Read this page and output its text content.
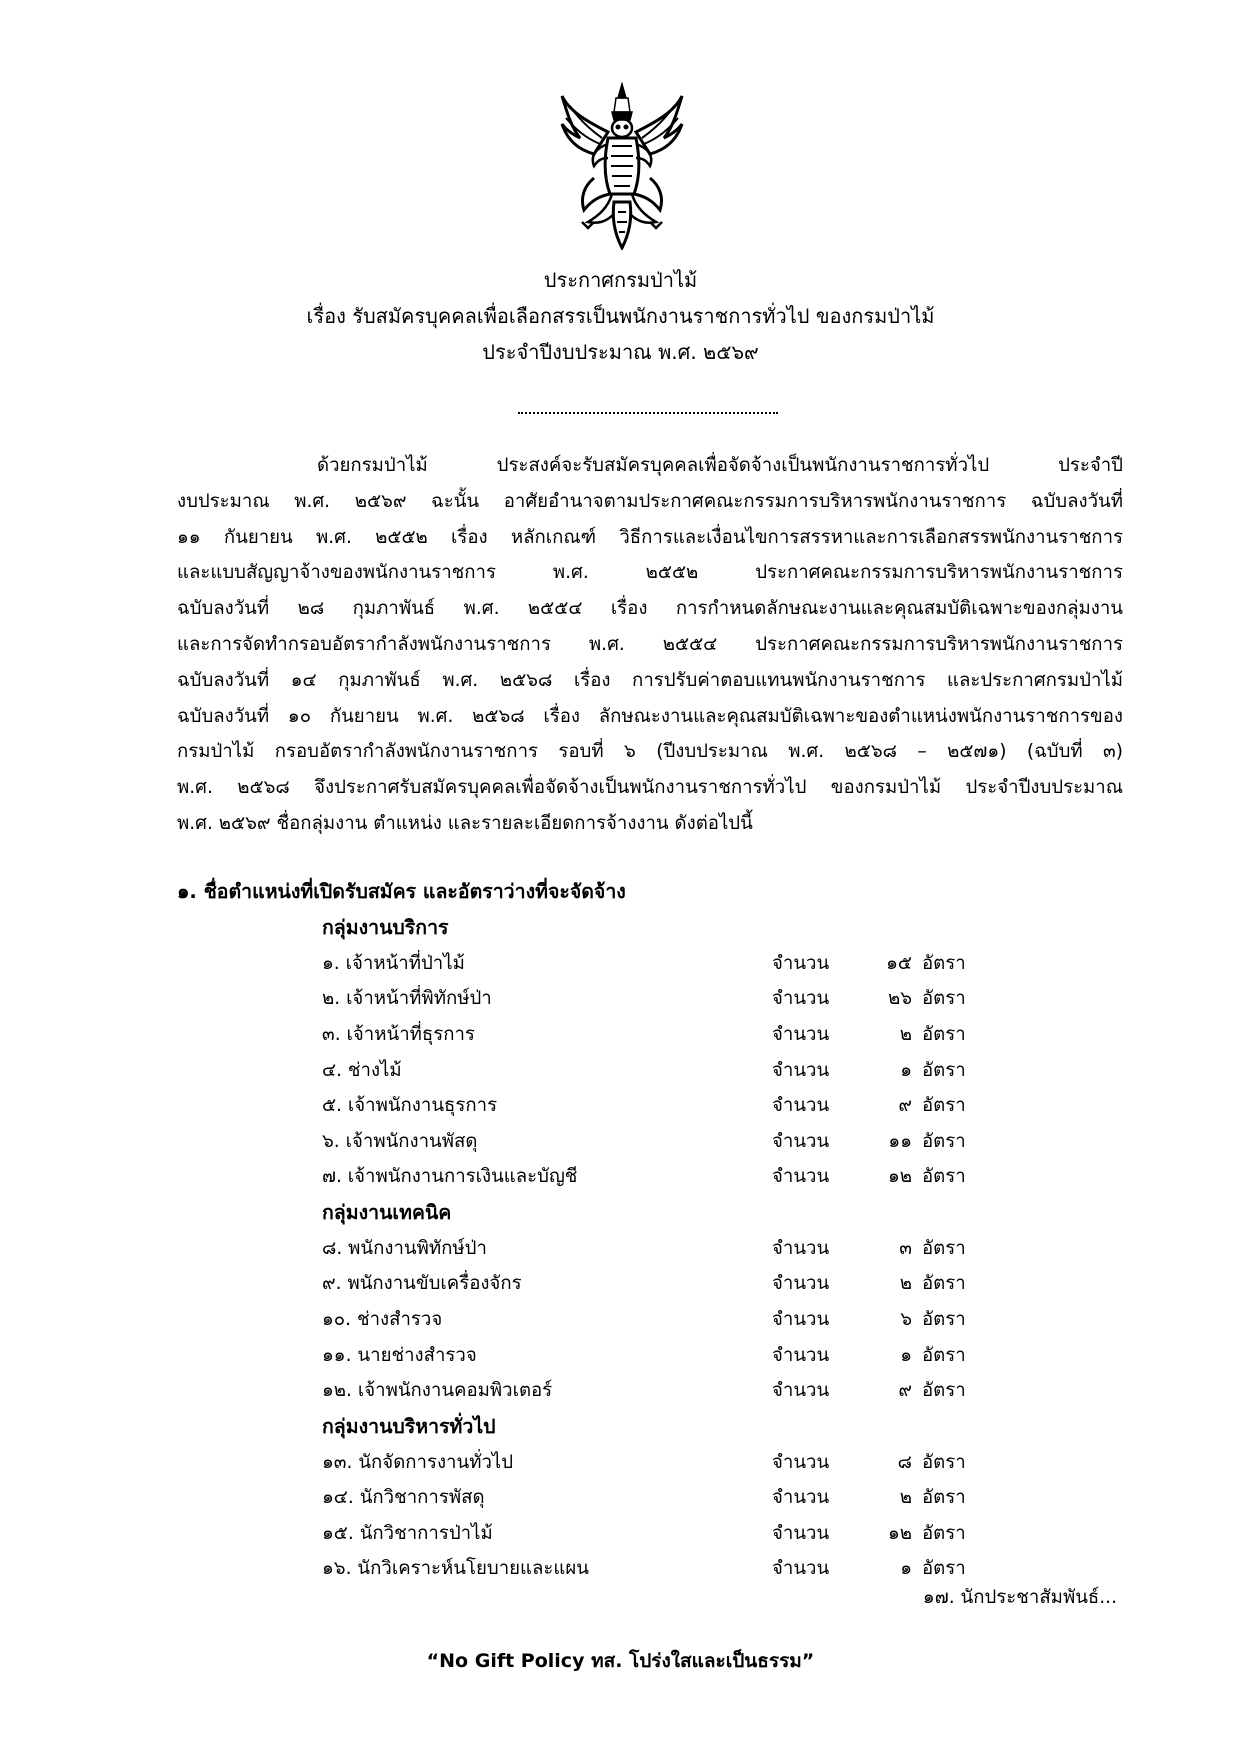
ประกาศกรมป่าไม้
เรื่อง รับสมัครบุคคลเพื่อเลือกสรรเป็นพนักงานราชการทั่วไป ของกรมป่าไม้
ประจำปีงบประมาณ พ.ศ. ๒๕๖๙
ด้วยกรมป่าไม้ ประสงค์จะรับสมัครบุคคลเพื่อจัดจ้างเป็นพนักงานราชการทั่วไป ประจำปี
งบประมาณ พ.ศ. ๒๕๖๙ ฉะนั้น อาศัยอำนาจตามประกาศคณะกรรมการบริหารพนักงานราชการ ฉบับลงวันที่
๑๑ กันยายน พ.ศ. ๒๕๕๒ เรื่อง หลักเกณฑ์ วิธีการและเงื่อนไขการสรรหาและการเลือกสรรพนักงานราชการ
และแบบสัญญาจ้างของพนักงานราชการ พ.ศ. ๒๕๕๒ ประกาศคณะกรรมการบริหารพนักงานราชการ
ฉบับลงวันที่ ๒๘ กุมภาพันธ์ พ.ศ. ๒๕๕๔ เรื่อง การกำหนดลักษณะงานและคุณสมบัติเฉพาะของกลุ่มงาน
และการจัดทำกรอบอัตรากำลังพนักงานราชการ พ.ศ. ๒๕๕๔ ประกาศคณะกรรมการบริหารพนักงานราชการ
ฉบับลงวันที่ ๑๔ กุมภาพันธ์ พ.ศ. ๒๕๖๘ เรื่อง การปรับค่าตอบแทนพนักงานราชการ และประกาศกรมป่าไม้
ฉบับลงวันที่ ๑๐ กันยายน พ.ศ. ๒๕๖๘ เรื่อง ลักษณะงานและคุณสมบัติเฉพาะของตำแหน่งพนักงานราชการของ
กรมป่าไม้ กรอบอัตรากำลังพนักงานราชการ รอบที่ ๖ (ปีงบประมาณ พ.ศ. ๒๕๖๘ – ๒๕๗๑) (ฉบับที่ ๓)
พ.ศ. ๒๕๖๘ จึงประกาศรับสมัครบุคคลเพื่อจัดจ้างเป็นพนักงานราชการทั่วไป ของกรมป่าไม้ ประจำปีงบประมาณ
พ.ศ. ๒๕๖๙ ชื่อกลุ่มงาน ตำแหน่ง และรายละเอียดการจ้างงาน ดังต่อไปนี้
๑. ชื่อตำแหน่งที่เปิดรับสมัคร และอัตราว่างที่จะจัดจ้าง
กลุ่มงานบริการ
๑. เจ้าหน้าที่ป่าไม้	จำนวน	๑๕ อัตรา
๒. เจ้าหน้าที่พิทักษ์ป่า	จำนวน	๒๖ อัตรา
๓. เจ้าหน้าที่ธุรการ	จำนวน	๒ อัตรา
๔. ช่างไม้	จำนวน	๑ อัตรา
๕. เจ้าพนักงานธุรการ	จำนวน	๙ อัตรา
๖. เจ้าพนักงานพัสดุ	จำนวน	๑๑ อัตรา
๗. เจ้าพนักงานการเงินและบัญชี	จำนวน	๑๒ อัตรา
กลุ่มงานเทคนิค
๘. พนักงานพิทักษ์ป่า	จำนวน	๓ อัตรา
๙. พนักงานขับเครื่องจักร	จำนวน	๒ อัตรา
๑๐. ช่างสำรวจ	จำนวน	๖ อัตรา
๑๑. นายช่างสำรวจ	จำนวน	๑ อัตรา
๑๒. เจ้าพนักงานคอมพิวเตอร์	จำนวน	๙ อัตรา
กลุ่มงานบริหารทั่วไป
๑๓. นักจัดการงานทั่วไป	จำนวน	๘ อัตรา
๑๔. นักวิชาการพัสดุ	จำนวน	๒ อัตรา
๑๕. นักวิชาการป่าไม้	จำนวน	๑๒ อัตรา
๑๖. นักวิเคราะห์นโยบายและแผน	จำนวน	๑ อัตรา
๑๗. นักประชาสัมพันธ์...
“No Gift Policy ทส. โปร่งใสและเป็นธรรม”
